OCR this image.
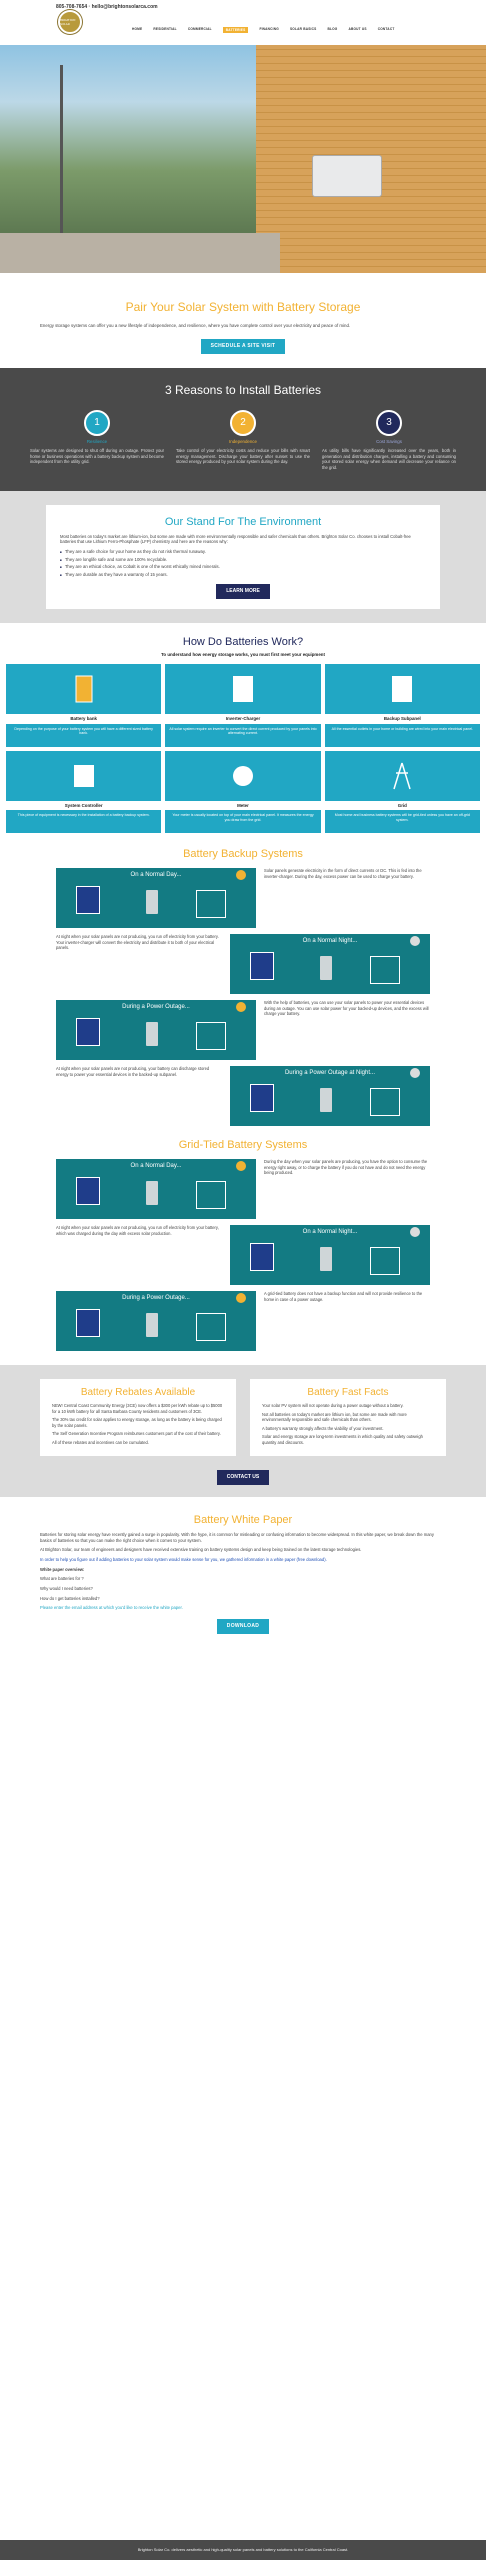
805-708-7654 · hello@brightonsolarca.com
BRIGHTON SOLAR
HOME	RESIDENTIAL	COMMERCIAL	BATTERIES	FINANCING	SOLAR BASICS	BLOG	ABOUT US	CONTACT
Pair Your Solar System with Battery Storage

Energy storage systems can offer you a new lifestyle of independence, and resilience, where you have complete control over your electricity and peace of mind.

SCHEDULE A SITE VISIT
3 Reasons to Install Batteries
1
Resilience

Solar systems are designed to shut off during an outage. Protect your home or business operations with a battery backup system and become independent from the utility grid.

2
Independence

Take control of your electricity costs and reduce your bills with smart energy management. Discharge your battery after sunset to use the stored energy produced by your solar system during the day.

3
Cost Savings

As utility bills have significantly increased over the years, both in generation and distribution charges, installing a battery and consuming your stored solar energy when demand will decrease your reliance on the grid.

Our Stand For The Environment

Most batteries on today's market are lithium-ion, but some are made with more environmentally responsible and safer chemicals than others. Brighton Solar Co. chooses to install Cobalt-free batteries that use Lithium Ferro-Phosphate (LFP) chemistry and here are the reasons why:

■ They are a safe choice for your home as they do not risk thermal runaway.
■ They are longlife safe and some are 100% recyclable.
■ They are an ethical choice, as Cobalt is one of the worst ethically mined minerals.
■ They are durable as they have a warranty of 15 years.
LEARN MORE
How Do Batteries Work?

To understand how energy storage works, you must first meet your equipment

Battery bank
Depending on the purpose of your battery system you will have a different sized battery bank.
Inverter-Charger
All solar system require an inverter to convert the direct current produced by your panels into alternating current.
Backup Subpanel
All the essential outlets in your home or building are wired into your main electrical panel.
System Controller
This piece of equipment is necessary in the installation of a battery backup system.
Meter
Your meter is usually located on top of your main electrical panel. It measures the energy you draw from the grid.
Grid
Most home and business battery systems will be grid-tied unless you have an off-grid system.
Battery Backup Systems
On a Normal Day...

Solar panels generate electricity in the form of direct currents or DC. This is fed into the inverter-charger. During the day, excess power can be used to charge your battery.

At night when your solar panels are not producing, you run off electricity from your battery. Your inverter-charger will convert the electricity and distribute it to both of your electrical panels.

On a Normal Night...
During a Power Outage...

With the help of batteries, you can use your solar panels to power your essential devices during an outage. You can use solar power for your backed-up devices, and the excess will charge your battery.

At night when your solar panels are not producing, your battery can discharge stored energy to power your essential devices in the backed-up subpanel.	During a Power Outage at Night...
Grid-Tied Battery Systems
On a Normal Day...

During the day when your solar panels are producing, you have the option to consume the energy right away, or to charge the battery if you do not have and do not need the energy being produced.

At night when your solar panels are not producing, you run off electricity from your battery, which was charged during the day with excess solar production.	On a Normal Night...
During a Power Outage...

A grid-tied battery does not have a backup function and will not provide resilience to the home in case of a power outage.

Battery Rebates Available
NEW! Central Coast Community Energy (3CE) now offers a $300 per kWh rebate up to $5000 for a 10 kWh battery for all Santa Barbara County residents and customers of 3CE.
The 30% tax credit for solar applies to energy storage, as long as the battery is being charged by the solar panels.
The Self Generation Incentive Program reimburses customers part of the cost of their battery.
All of these rebates and incentives can be cumulated.
Battery Fast Facts
Your solar PV system will not operate during a power outage without a battery.
Not all batteries on today's market are lithium ion, but some are made with more environmentally responsible and safe chemicals than others.
A battery's warranty strongly affects the viability of your investment.
Solar and energy storage are long-term investments in which quality and safety outweigh quantity and discounts.
CONTACT US
Battery White Paper

Batteries for storing solar energy have recently gained a surge in popularity. With the hype, it is common for misleading or confusing information to become widespread. In this white paper, we break down the many basics of batteries so that you can make the right choice when it comes to your system.

At Brighton Solar, our team of engineers and designers have received extensive training on battery systems design and keep being trained on the latest storage technologies.

In order to help you figure out if adding batteries to your solar system would make sense for you, we gathered information in a white paper (free download).

White paper overview:

What are batteries for ?

Why would I need batteries?

How do I get batteries installed?

Please enter the email address at which you'd like to receive the white paper.

DOWNLOAD
Brighton Solar Co. delivers aesthetic and high-quality solar panels and battery solutions to the California Central Coast.
